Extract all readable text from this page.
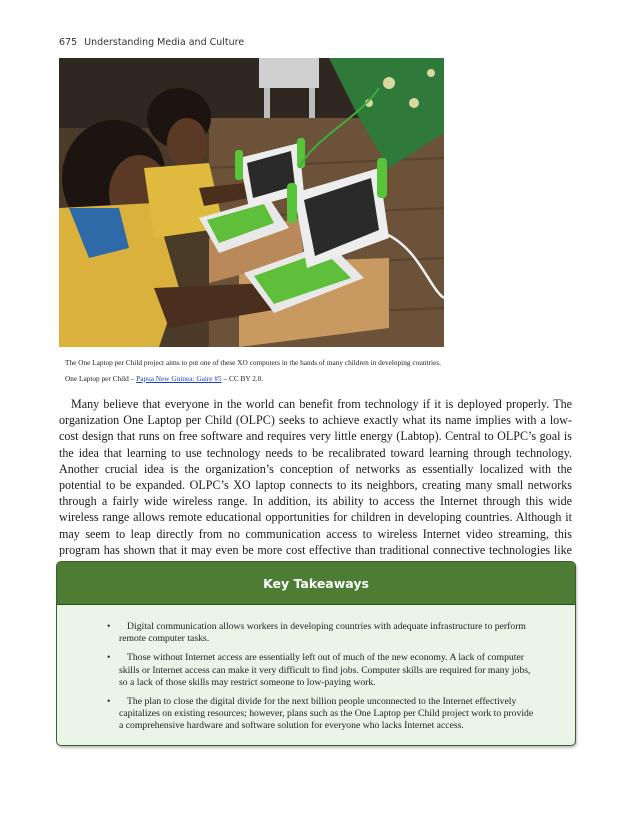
675 Understanding Media and Culture
The One Laptop per Child project aims to put one of these XO computers in the hands of many children in developing countries.
One Laptop per Child – Papua New Guinea: Gaire #5 – CC BY 2.0.

Many believe that everyone in the world can benefit from technology if it is deployed properly. The organization One Laptop per Child (OLPC) seeks to achieve exactly what its name implies with a low-cost design that runs on free software and requires very little energy (Labtop). Central to OLPC’s goal is the idea that learning to use technology needs to be recalibrated toward learning through technology. Another crucial idea is the organization’s conception of networks as essentially localized with the potential to be expanded. OLPC’s XO laptop connects to its neighbors, creating many small networks through a fairly wide wireless range. In addition, its ability to access the Internet through this wide wireless range allows remote educational opportunities for children in developing countries. Although it may seem to leap directly from no communication access to wireless Internet video streaming, this program has shown that it may even be more cost effective than traditional connective technologies like

Key Takeaways
•	Digital communication allows workers in developing countries with adequate infrastructure to perform remote computer tasks.
•	Those without Internet access are essentially left out of much of the new economy. A lack of computer skills or Internet access can make it very difficult to find jobs. Computer skills are required for many jobs, so a lack of those skills may restrict someone to low-paying work.
•	The plan to close the digital divide for the next billion people unconnected to the Internet effectively capitalizes on existing resources; however, plans such as the One Laptop per Child project work to provide a comprehensive hardware and software solution for everyone who lacks Internet access.
